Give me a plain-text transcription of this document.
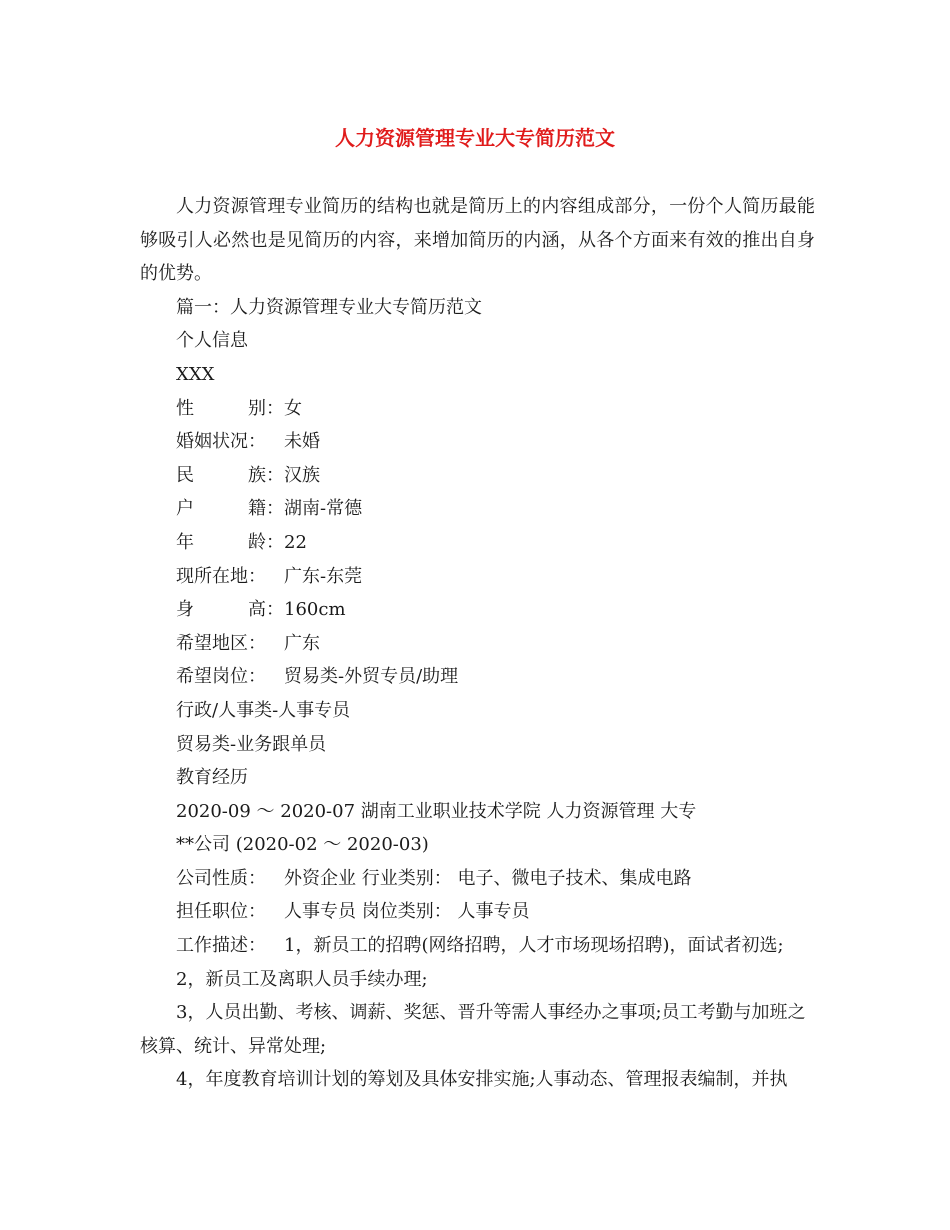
人力资源管理专业大专简历范文

人力资源管理专业简历的结构也就是简历上的内容组成部分，一份个人简历最能够吸引人必然也是见简历的内容，来增加简历的内涵，从各个方面来有效的推出自身的优势。

篇一：人力资源管理专业大专简历范文

个人信息

XXX

性	别 ： 女

婚姻状况：	未婚

民	族 ： 汉族

户	籍 ： 湖南-常德

年	龄 ： 22

现所在地：	广东-东莞

身	高 ： 160cm

希望地区：	广东

希望岗位：	贸易类-外贸专员/助理

行政/人事类-人事专员

贸易类-业务跟单员

教育经历

2020-09 ～ 2020-07 湖南工业职业技术学院 人力资源管理 大专

**公司 (2020-02 ～ 2020-03)

公司性质：	外资企业 行业类别： 电子、微电子技术、集成电路

担任职位：	人事专员 岗位类别： 人事专员

工作描述：	1，新员工的招聘(网络招聘，人才市场现场招聘)，面试者初选;

2，新员工及离职人员手续办理;

3，人员出勤、考核、调薪、奖惩、晋升等需人事经办之事项;员工考勤与加班之核算、统计、异常处理;

4，年度教育培训计划的筹划及具体安排实施;人事动态、管理报表编制，并执
